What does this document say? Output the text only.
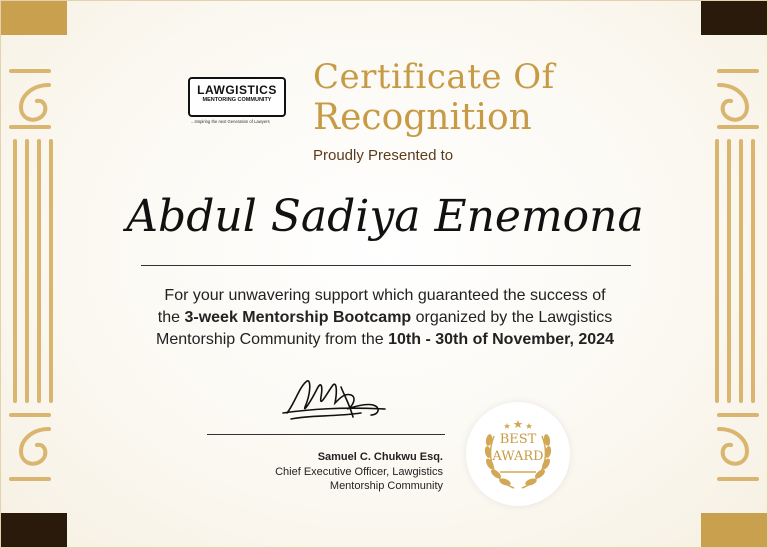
LAWGISTICS
MENTORING COMMUNITY
...Inspiring the next Generation of Lawyers
Certificate Of
Recognition
Proudly Presented to
Abdul Sadiya Enemona
For your unwavering support which guaranteed the success of
the 3-week Mentorship Bootcamp organized by the Lawgistics
Mentorship Community from the 10th - 30th of November, 2024
Samuel C. Chukwu Esq.
Chief Executive Officer, Lawgistics
Mentorship Community
BEST
AWARD
